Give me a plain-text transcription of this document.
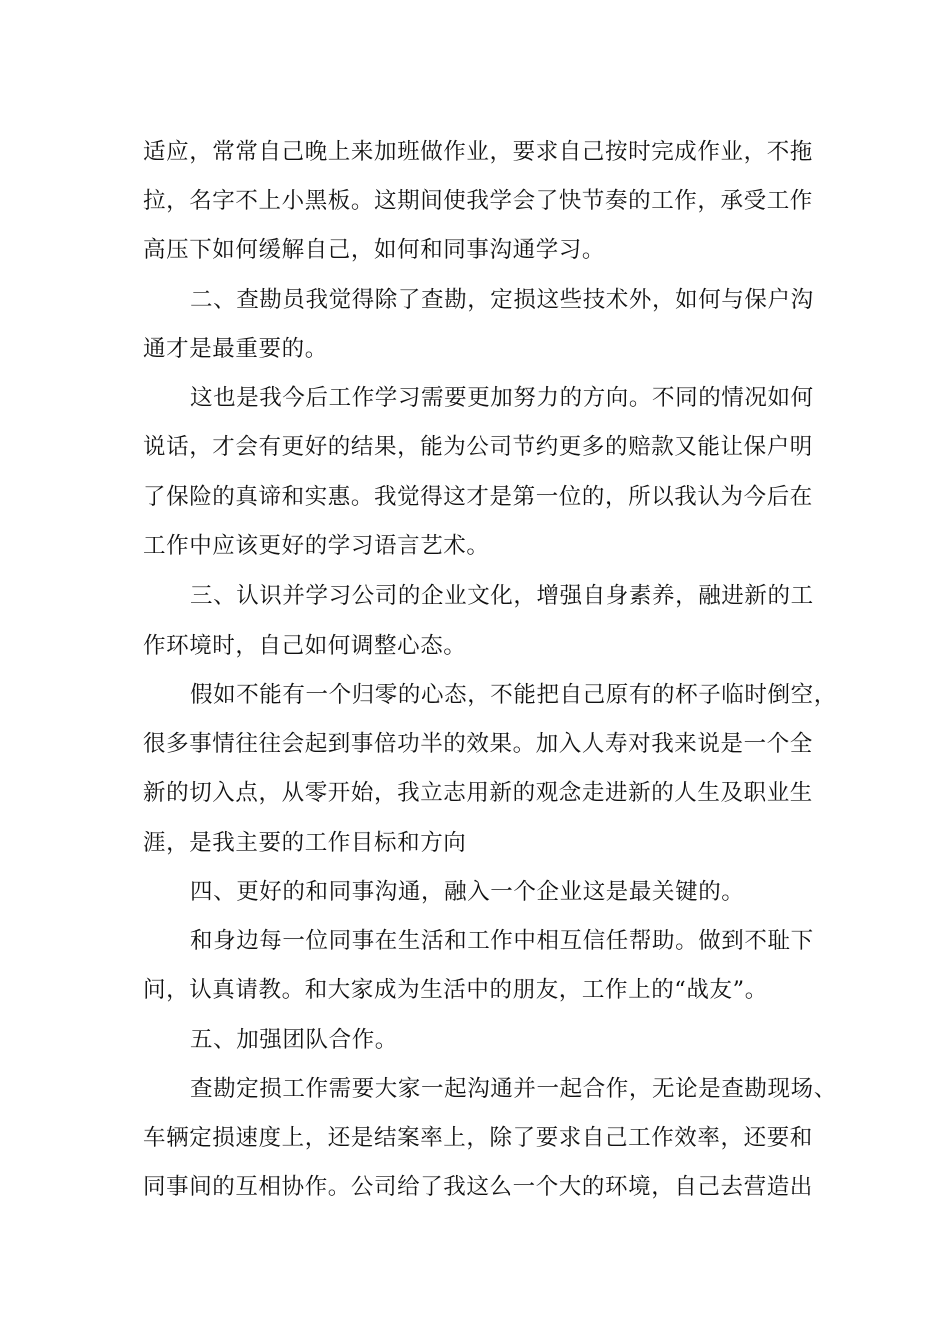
适应，常常自己晚上来加班做作业，要求自己按时完成作业，不拖
拉，名字不上小黑板。这期间使我学会了快节奏的工作，承受工作
高压下如何缓解自己，如何和同事沟通学习。
二、查勘员我觉得除了查勘，定损这些技术外，如何与保户沟
通才是最重要的。
这也是我今后工作学习需要更加努力的方向。不同的情况如何
说话，才会有更好的结果，能为公司节约更多的赔款又能让保户明
了保险的真谛和实惠。我觉得这才是第一位的，所以我认为今后在
工作中应该更好的学习语言艺术。
三、认识并学习公司的企业文化，增强自身素养，融进新的工
作环境时，自己如何调整心态。
假如不能有一个归零的心态，不能把自己原有的杯子临时倒空，
很多事情往往会起到事倍功半的效果。加入人寿对我来说是一个全
新的切入点，从零开始，我立志用新的观念走进新的人生及职业生
涯，是我主要的工作目标和方向
四、更好的和同事沟通，融入一个企业这是最关键的。
和身边每一位同事在生活和工作中相互信任帮助。做到不耻下
问，认真请教。和大家成为生活中的朋友，工作上的“战友”。
五、加强团队合作。
查勘定损工作需要大家一起沟通并一起合作，无论是查勘现场、
车辆定损速度上，还是结案率上，除了要求自己工作效率，还要和
同事间的互相协作。公司给了我这么一个大的环境，自己去营造出
